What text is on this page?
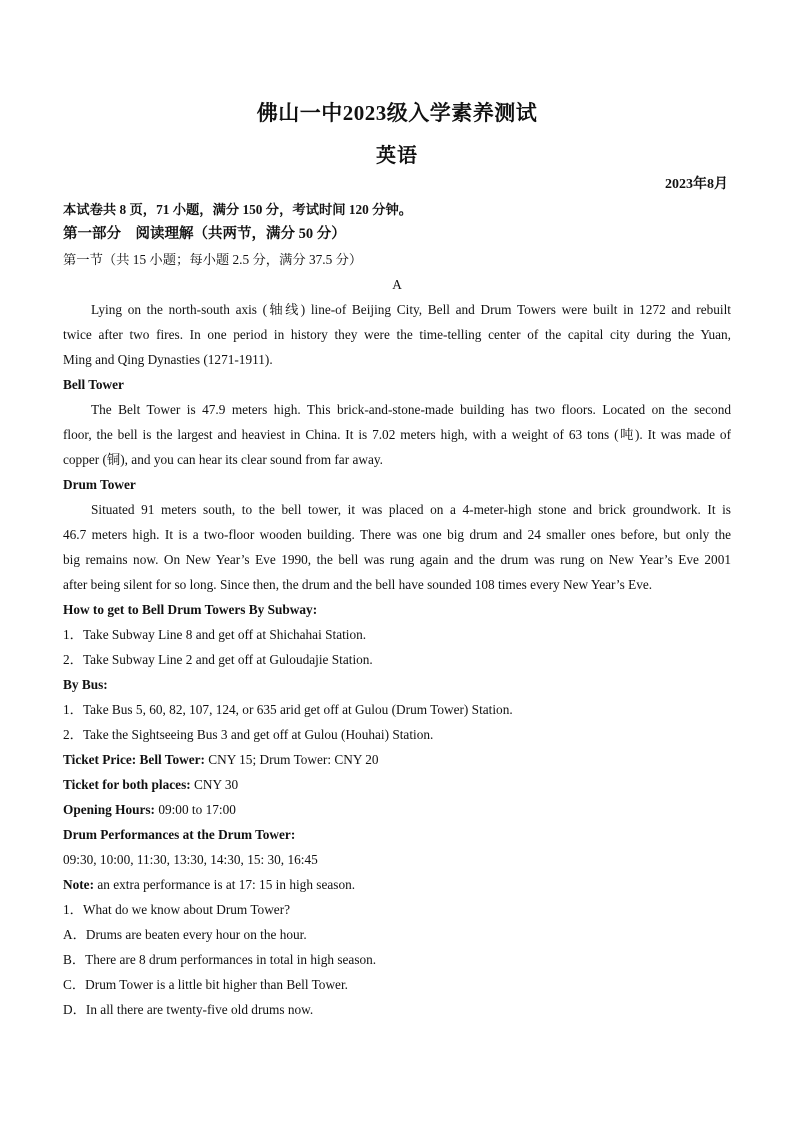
佛山一中2023级入学素养测试
英语
2023年8月
本试卷共 8 页，71 小题，满分 150 分，考试时间 120 分钟。
第一部分　阅读理解（共两节，满分 50 分）
第一节（共 15 小题；每小题 2.5 分，满分 37.5 分）
A
Lying on the north-south axis (轴线) line-of Beijing City, Bell and Drum Towers were built in 1272 and rebuilt
twice after two fires. In one period in history they were the time-telling center of the capital city during the Yuan,
Ming and Qing Dynasties (1271-1911).
Bell Tower
The Belt Tower is 47.9 meters high. This brick-and-stone-made building has two floors. Located on the second
floor, the bell is the largest and heaviest in China. It is 7.02 meters high, with a weight of 63 tons (吨). It was made of
copper (铜), and you can hear its clear sound from far away.
Drum Tower
Situated 91 meters south, to the bell tower, it was placed on a 4-meter-high stone and brick groundwork. It is
46.7 meters high. It is a two-floor wooden building. There was one big drum and 24 smaller ones before, but only the
big remains now. On New Year’s Eve 1990, the bell was rung again and the drum was rung on New Year’s Eve 2001
after being silent for so long. Since then, the drum and the bell have sounded 108 times every New Year’s Eve.
How to get to Bell Drum Towers By Subway:
1．Take Subway Line 8 and get off at Shichahai Station.
2．Take Subway Line 2 and get off at Guloudajie Station.
By Bus:
1．Take Bus 5, 60, 82, 107, 124, or 635 arid get off at Gulou (Drum Tower) Station.
2．Take the Sightseeing Bus 3 and get off at Gulou (Houhai) Station.
Ticket Price: Bell Tower: CNY 15; Drum Tower: CNY 20
Ticket for both places: CNY 30
Opening Hours: 09:00 to 17:00
Drum Performances at the Drum Tower:
09:30, 10:00, 11:30, 13:30, 14:30, 15: 30, 16:45
Note: an extra performance is at 17: 15 in high season.
1．What do we know about Drum Tower?
A．Drums are beaten every hour on the hour.
B．There are 8 drum performances in total in high season.
C．Drum Tower is a little bit higher than Bell Tower.
D．In all there are twenty-five old drums now.
